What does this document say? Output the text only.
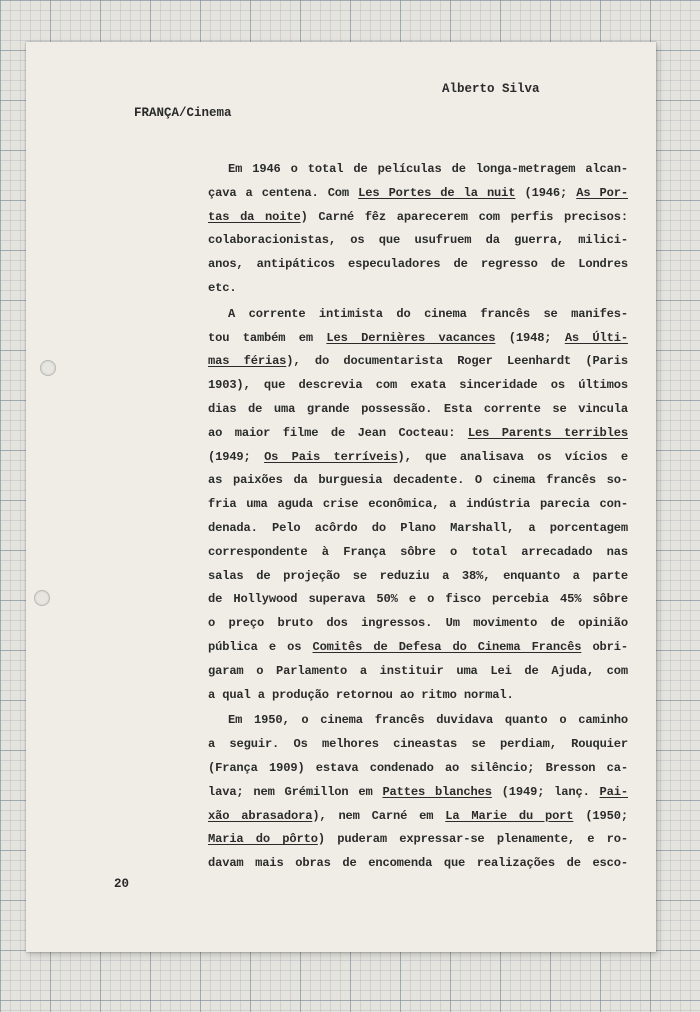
Alberto Silva
FRANÇA/Cinema
Em 1946 o total de películas de longa-metragem alcan-
çava a centena. Com Les Portes de la nuit (1946; As Por-
tas da noite) Carné fêz aparecerem com perfis precisos:
colaboracionistas, os que usufruem da guerra, milici-
anos, antipáticos especuladores de regresso de Londres
etc.
A corrente intimista do cinema francês se manifes-
tou também em Les Dernières vacances (1948; As Últi-
mas férias), do documentarista Roger Leenhardt (Paris
1903), que descrevia com exata sinceridade os últimos
dias de uma grande possessão. Esta corrente se vincula
ao maior filme de Jean Cocteau: Les Parents terribles
(1949; Os Pais terríveis), que analisava os vícios e
as paixões da burguesia decadente. O cinema francês so-
fria uma aguda crise econômica, a indústria parecia con-
denada. Pelo acôrdo do Plano Marshall, a porcentagem
correspondente à França sôbre o total arrecadado nas
salas de projeção se reduziu a 38%, enquanto a parte
de Hollywood superava 50% e o fisco percebia 45% sôbre
o preço bruto dos ingressos. Um movimento de opinião
pública e os Comitês de Defesa do Cinema Francês obri-
garam o Parlamento a instituir uma Lei de Ajuda, com
a qual a produção retornou ao ritmo normal.
Em 1950, o cinema francês duvidava quanto o caminho
a seguir. Os melhores cineastas se perdiam, Rouquier
(França 1909) estava condenado ao silêncio; Bresson ca-
lava; nem Grémillon em Pattes blanches (1949; lanç. Pai-
xão abrasadora), nem Carné em La Marie du port (1950;
Maria do pôrto) puderam expressar-se plenamente, e ro-
davam mais obras de encomenda que realizações de esco-
20
